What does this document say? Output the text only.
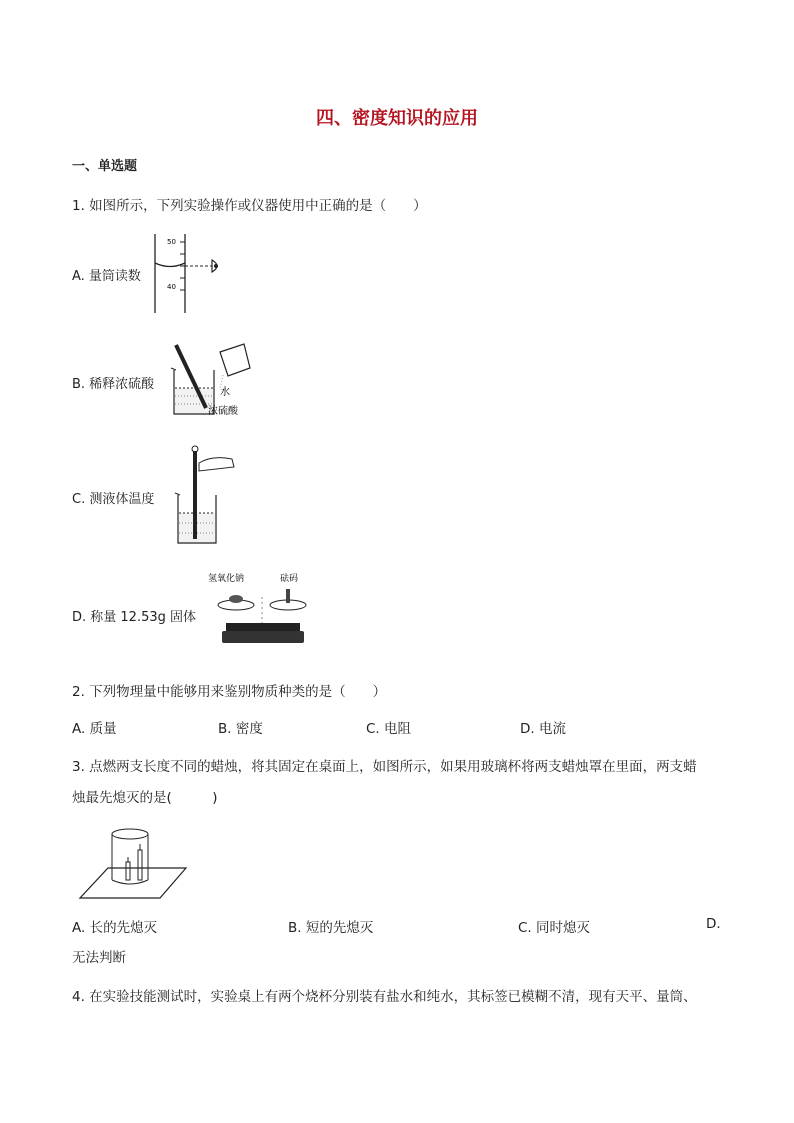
四、密度知识的应用
一、单选题
1. 如图所示，下列实验操作或仪器使用中正确的是（　　）
A. 量筒读数
50
40
B. 稀释浓硫酸
水
浓硫酸
C. 测液体温度
D. 称量 12.53g 固体
氢氧化钠	砝码
2. 下列物理量中能够用来鉴别物质种类的是（　　）
A. 质量	B. 密度	C. 电阻	D. 电流
3. 点燃两支长度不同的蜡烛，将其固定在桌面上，如图所示，如果用玻璃杯将两支蜡烛罩在里面，两支蜡
烛最先熄灭的是(　　　)
A. 长的先熄灭	B. 短的先熄灭	C. 同时熄灭	D.
无法判断
4. 在实验技能测试时，实验桌上有两个烧杯分别装有盐水和纯水，其标签已模糊不清，现有天平、量筒、
